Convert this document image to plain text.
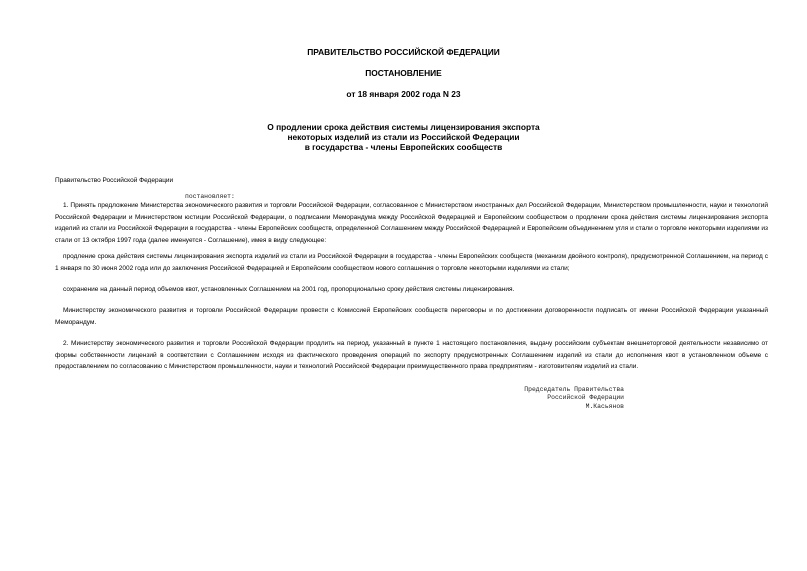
ПРАВИТЕЛЬСТВО РОССИЙСКОЙ ФЕДЕРАЦИИ
ПОСТАНОВЛЕНИЕ
от 18 января 2002 года N 23
О продлении срока действия системы лицензирования экспорта
некоторых изделий из стали из Российской Федерации
в государства - члены Европейских сообществ
Правительство Российской Федерации
постановляет:
1. Принять предложение Министерства экономического развития и торговли Российской Федерации, согласованное с Министерством иностранных дел Российской Федерации, Министерством промышленности, науки и технологий Российской Федерации и Министерством юстиции Российской Федерации, о подписании Меморандума между Российской Федерацией и Европейским сообществом о продлении срока действия системы лицензирования экспорта изделий из стали из Российской Федерации в государства - члены Европейских сообществ, определенной Соглашением между Российской Федерацией и Европейским объединением угля и стали о торговле некоторыми изделиями из стали от 13 октября 1997 года (далее именуется - Соглашение), имея в виду следующее:
продление срока действия системы лицензирования экспорта изделий из стали из Российской Федерации в государства - члены Европейских сообществ (механизм двойного контроля), предусмотренной Соглашением, на период с 1 января по 30 июня 2002 года или до заключения Российской Федерацией и Европейским сообществом нового соглашения о торговле некоторыми изделиями из стали;
сохранение на данный период объемов квот, установленных Соглашением на 2001 год, пропорционально сроку действия системы лицензирования.
Министерству экономического развития и торговли Российской Федерации провести с Комиссией Европейских сообществ переговоры и по достижении договоренности подписать от имени Российской Федерации указанный Меморандум.
2. Министерству экономического развития и торговли Российской Федерации продлить на период, указанный в пункте 1 настоящего постановления, выдачу российским субъектам внешнеторговой деятельности независимо от формы собственности лицензий в соответствии с Соглашением исходя из фактического проведения операций по экспорту предусмотренных Соглашением изделий из стали до исполнения квот в установленном объеме с предоставлением по согласованию с Министерством промышленности, науки и технологий Российской Федерации преимущественного права предприятиям - изготовителям изделий из стали.
Председатель Правительства
Российской Федерации
М.Касьянов
